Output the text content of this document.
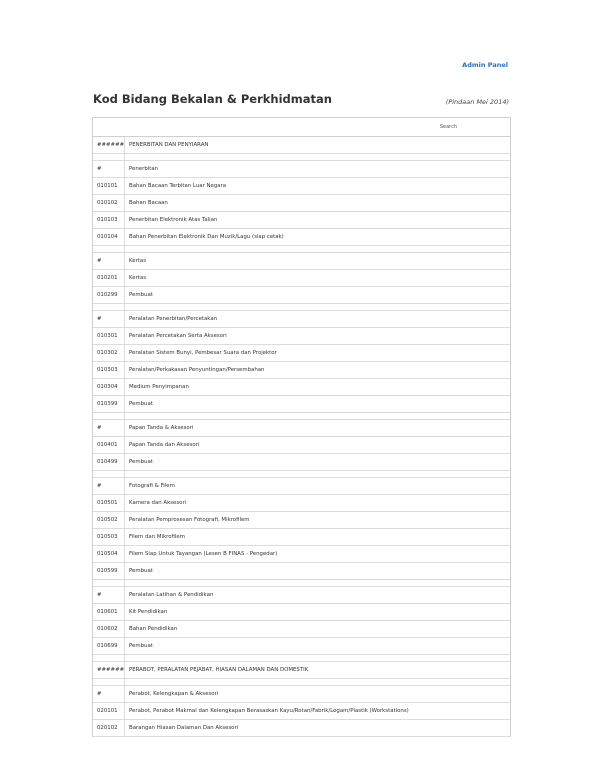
Admin Panel
Kod Bidang Bekalan & Perkhidmatan	(Pindaan Mei 2014)
Search
###### PENERBITAN DAN PENYIARAN
#	Penerbitan
010101	Bahan Bacaan Terbitan Luar Negara
010102	Bahan Bacaan
010103	Penerbitan Elektronik Atas Talian
010104	Bahan Penerbitan Elektronik Dan Muzik/Lagu (siap cetak)
#	Kertas
010201	Kertas
010299	Pembuat
#	Peralatan Penerbitan/Percetakan
010301	Peralatan Percetakan Serta Aksesori
010302	Peralatan Sistem Bunyi, Pembesar Suara dan Projektor
010303	Peralatan/Perkakasan Penyuntingan/Persembahan
010304	Medium Penyimpanan
010399	Pembuat
#	Papan Tanda & Aksesori
010401	Papan Tanda dan Aksesori
010499	Pembuat
#	Fotografi & Filem
010501	Kamera dan Aksesori
010502	Peralatan Pemprosesan Fotografi, Mikrofilem
010503	Filem dan Mikrofilem
010504	Filem Siap Untuk Tayangan (Lesen B FINAS - Pengedar)
010599	Pembuat
#	Peralatan Latihan & Pendidikan
010601	Kit Pendidikan
010602	Bahan Pendidikan
010699	Pembuat
###### PERABOT, PERALATAN PEJABAT, HIASAN DALAMAN DAN DOMESTIK
#	Perabot, Kelengkapan & Aksesori
020101	Perabot, Perabot Makmal dan Kelengkapan Berasaskan Kayu/Rotan/Fabrik/Logam/Plastik (Workstations)
020102	Barangan Hiasan Dalaman Dan Aksesori
